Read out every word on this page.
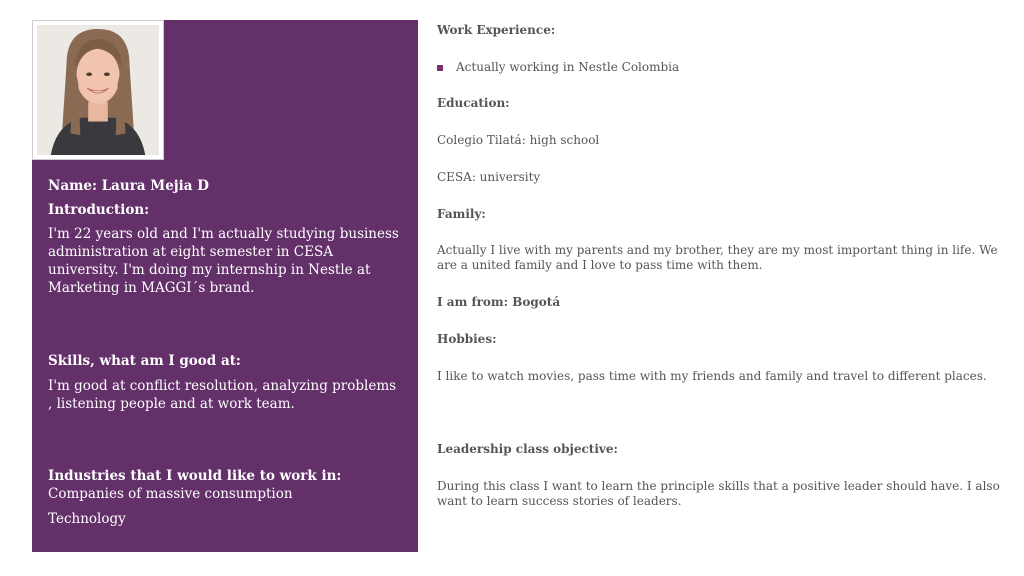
Name: Laura Mejia D
Introduction:
I'm 22 years old and I'm actually studying business administration at eight semester in CESA university. I'm doing my internship in Nestle at Marketing in MAGGI´s brand.
Skills, what am I good at:
I'm good at conflict resolution, analyzing problems , listening people and at work team.
Industries that I would like to work in:
Companies of massive consumption
Technology
Work Experience:
Actually working in Nestle Colombia
Education:
Colegio Tilatá: high school
CESA: university
Family:
Actually I live with my parents and my brother, they are my most important thing in life. We are a united family and I love to pass time with them.
I am from: Bogotá
Hobbies:
I like to watch movies, pass time with my friends and family and travel to different places.
Leadership class objective:
During this class I want to learn the principle skills that a positive leader should have. I also want to learn success stories of leaders.
